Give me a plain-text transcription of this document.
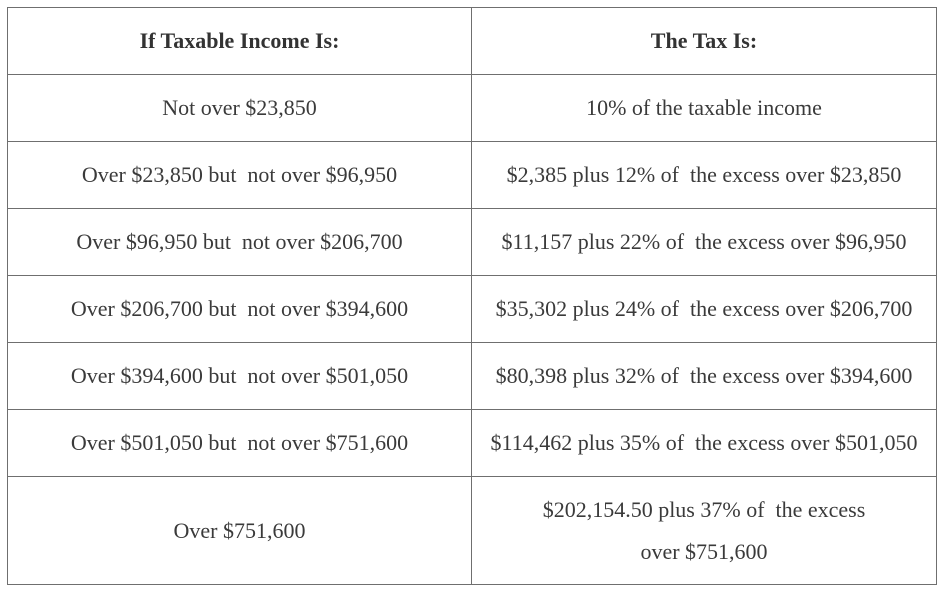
If Taxable Income Is:	The Tax Is:
Not over $23,850	10% of the taxable income
Over $23,850 but  not over $96,950	$2,385 plus 12% of  the excess over $23,850
Over $96,950 but  not over $206,700	$11,157 plus 22% of  the excess over $96,950
Over $206,700 but  not over $394,600	$35,302 plus 24% of  the excess over $206,700
Over $394,600 but  not over $501,050	$80,398 plus 32% of  the excess over $394,600
Over $501,050 but  not over $751,600	$114,462 plus 35% of  the excess over $501,050
Over $751,600	$202,154.50 plus 37% of  the excess over $751,600
